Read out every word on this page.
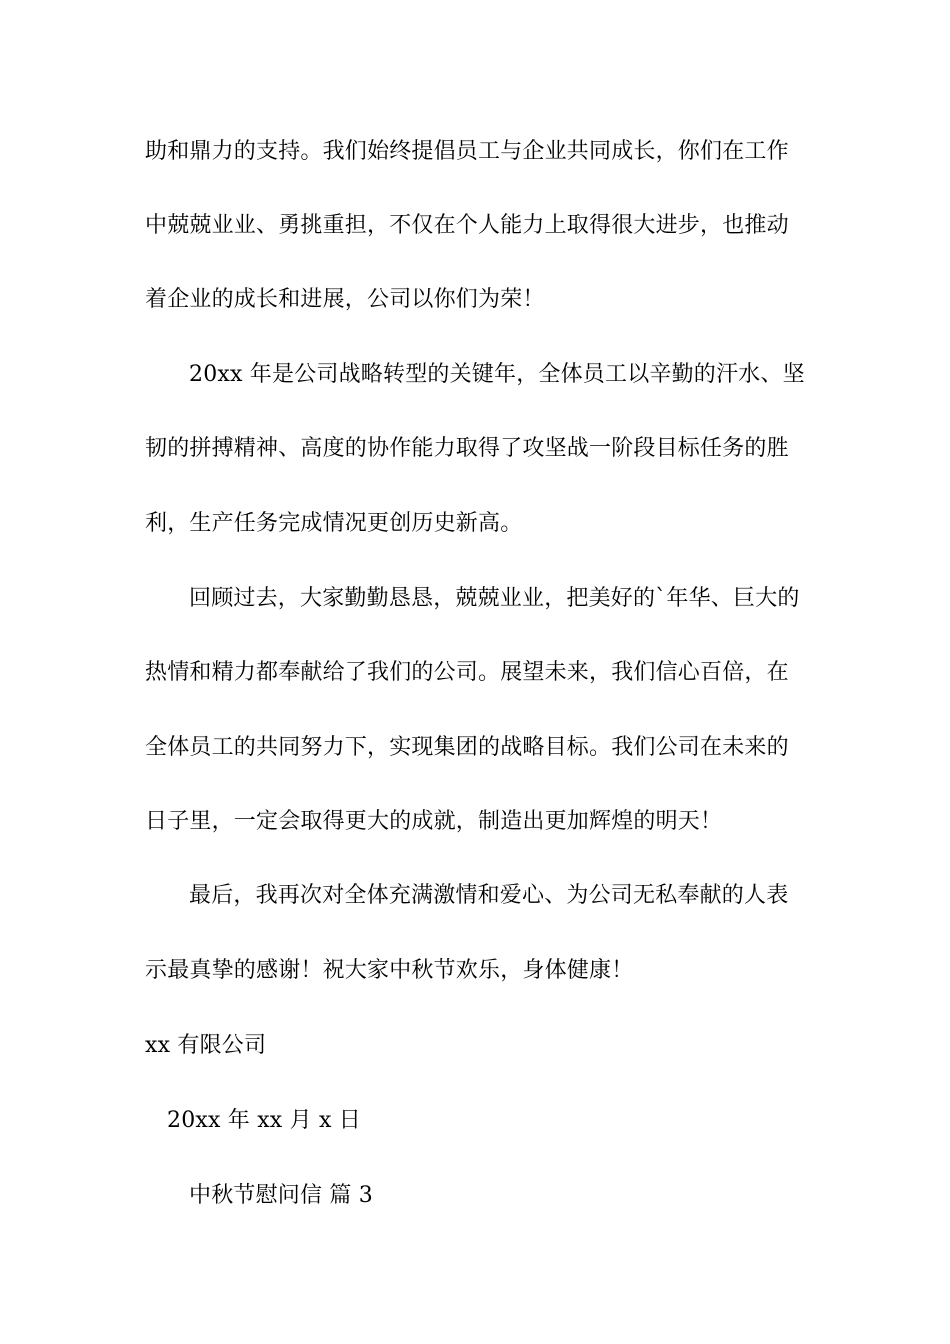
助和鼎力的支持。我们始终提倡员工与企业共同成长，你们在工作
中兢兢业业、勇挑重担，不仅在个人能力上取得很大进步，也推动
着企业的成长和进展，公司以你们为荣！
20xx 年是公司战略转型的关键年，全体员工以辛勤的汗水、坚
韧的拼搏精神、高度的协作能力取得了攻坚战一阶段目标任务的胜
利，生产任务完成情况更创历史新高。
回顾过去，大家勤勤恳恳，兢兢业业，把美好的`年华、巨大的
热情和精力都奉献给了我们的公司。展望未来，我们信心百倍，在
全体员工的共同努力下，实现集团的战略目标。我们公司在未来的
日子里，一定会取得更大的成就，制造出更加辉煌的明天！
最后，我再次对全体充满激情和爱心、为公司无私奉献的人表
示最真挚的感谢！祝大家中秋节欢乐，身体健康！
xx 有限公司
20xx 年 xx 月 x 日
中秋节慰问信 篇 3
